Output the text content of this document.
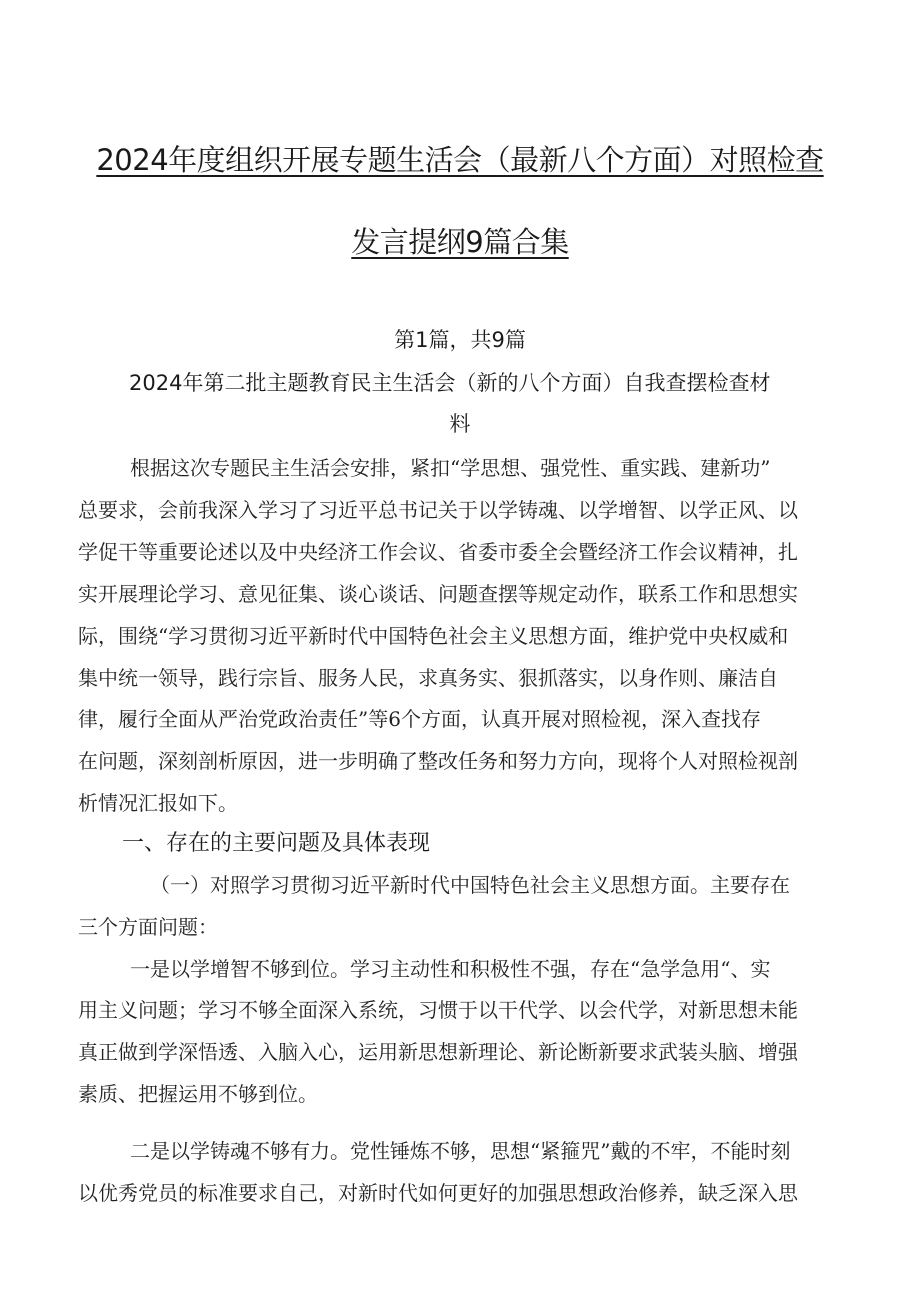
2024年度组织开展专题生活会（最新八个方面）对照检查
发言提纲9篇合集
第1篇，共9篇
2024年第二批主题教育民主生活会（新的八个方面）自我查摆检查材
料
根据这次专题民主生活会安排，紧扣“学思想、强党性、重实践、建新功”
总要求，会前我深入学习了习近平总书记关于以学铸魂、以学增智、以学正风、以
学促干等重要论述以及中央经济工作会议、省委市委全会暨经济工作会议精神，扎
实开展理论学习、意见征集、谈心谈话、问题查摆等规定动作，联系工作和思想实
际，围绕“学习贯彻习近平新时代中国特色社会主义思想方面，维护党中央权威和
集中统一领导，践行宗旨、服务人民，求真务实、狠抓落实，以身作则、廉洁自
律，履行全面从严治党政治责任”等6个方面，认真开展对照检视，深入查找存
在问题，深刻剖析原因，进一步明确了整改任务和努力方向，现将个人对照检视剖
析情况汇报如下。
一、存在的主要问题及具体表现
（一）对照学习贯彻习近平新时代中国特色社会主义思想方面。主要存在
三个方面问题：
一是以学增智不够到位。学习主动性和积极性不强，存在“急学急用“、实
用主义问题；学习不够全面深入系统，习惯于以干代学、以会代学，对新思想未能
真正做到学深悟透、入脑入心，运用新思想新理论、新论断新要求武装头脑、增强
素质、把握运用不够到位。
二是以学铸魂不够有力。党性锤炼不够，思想“紧箍咒”戴的不牢，不能时刻
以优秀党员的标准要求自己，对新时代如何更好的加强思想政治修养，缺乏深入思
